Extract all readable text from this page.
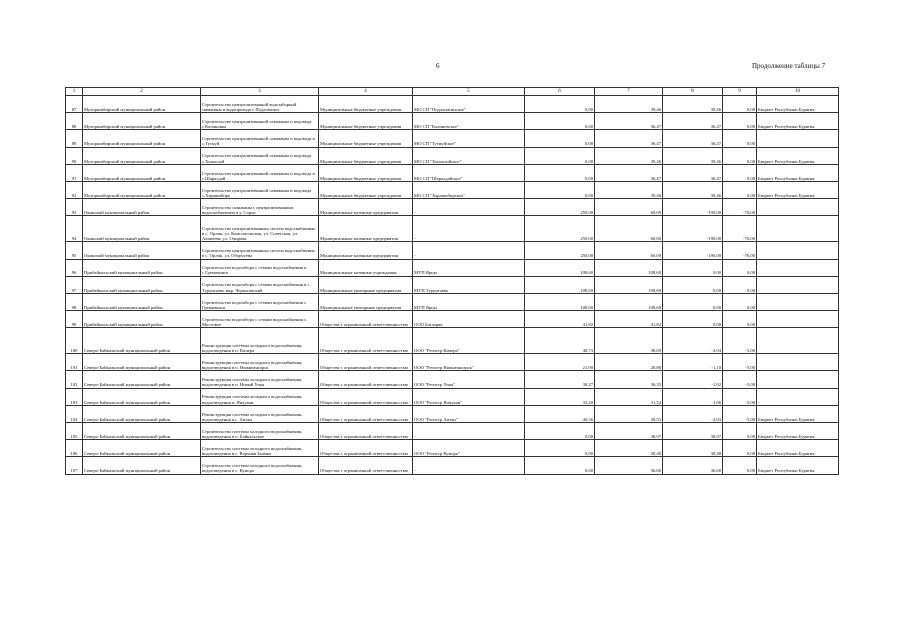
6	Продолжение таблицы 7
1	2	3	4	5	6	7	8	9	10
87	Мухоршибирский муниципальный район	Строительство централизованной водозаборной скважины и водопровода с.Подлопатки	Муниципальные бюджетные учреждения	МО СП "Подлопатинское"	0,00	39,46	39,46	0,00	Бюджет Республики Бурятия
88	Мухоршибирский муниципальный район	Строительство централизованной скважины и водовода с.Калиновка	Муниципальные бюджетные учреждения	МО СП "Калиновское"	0,00	36,47	36,47	0,00	Бюджет Республики Бурятия
89	Мухоршибирский муниципальный район	Строительство централизованной скважины и водовода в с.Тугнуй	Муниципальные бюджетные учреждения	МО СП "Тугнуйское"	0,00	36,47	36,47	0,00	
90	Мухоршибирский муниципальный район	Строительство централизованной скважины и водовода с.Хонхолой	Муниципальные бюджетные учреждения	МО СП "Хонхолойское"	0,00	39,46	39,46	0,00	Бюджет Республики Бурятия
91	Мухоршибирский муниципальный район	Строительство централизованной скважины и водовода в с.Шаралдай	Муниципальные бюджетные учреждения	МО СП "Шаралдайское"	0,00	36,47	36,47	0,00	Бюджет Республики Бурятия
92	Мухоршибирский муниципальный район	Строительство централизованной скважины и водовода с.Харашибирь	Муниципальные бюджетные учреждения	МО СП "Харашибирское"	0,00	39,46	39,46	0,00	Бюджет Республики Бурятия
93	Окинский муниципальный район	Строительство скважины с централизованным водоснабжением в у. Сорок	Муниципальные казенные предприятия	-	250,00	60,00	-190,00	-76,00	
94	Окинский муниципальный район	Строительство централизованных систем водоснабжения в с. Орлик, ул. Комсомольская, ул. Советская, ул. Аюшеева, ул. Очирова.	Муниципальные казенные предприятия	-	250,00	60,00	-190,00	-76,00	
95	Окинский муниципальный район	Строительство централизованных систем водоснабжения в с. Орлик, ул. Оборчуева	Муниципальные казенные предприятия	-	250,00	60,00	-190,00	-76,00	
96	Прибайкальский муниципальный район	Строительство водозабора с сетями водоснабжения в с.Гремячинск	Муниципальные казенные учреждения	МУП Ярцы	108,60	108,60	0,00	0,00	
97	Прибайкальский муниципальный район	Строительство водозабора с сетями водоснабжения в с. Турунтаево мкр. Черкасовский	Муниципальные унитарные предприятия	МУП Турунтаево	108,60	108,60	0,00	0,00	
98	Прибайкальский муниципальный район	Строительство водозабора с сетями водоснабжения с. Гремячинск	Муниципальные унитарные предприятия	МУП Ярцы	108,60	108,60	0,00	0,00	
99	Прибайкальский муниципальный район	Строительство водозабора с сетями водоснабжения с. Мостовое	Общества с ограниченной ответственностью	ООО Батзарик	41,82	41,82	0,00	0,00	
100	Северо-Байкальский муниципальный район	Реконструкция системы холодного водоснабжения, водоотведения в п. Кичера	Общества с ограниченной ответственностью	ООО "Регистр Кичера"	40,73	38,69	-2,04	-5,00	
101	Северо-Байкальский муниципальный район	Реконструкция системы холодного водоснабжения, водоотведения в п. Нижнеангарск	Общества с ограниченной ответственностью	ООО "Регистр Нижнеангарск"	21,90	20,80	-1,10	-5,00	
102	Северо-Байкальский муниципальный район	Реконструкция системы холодного водоснабжения, водоотведения в п. Новый Уоян	Общества с ограниченной ответственностью	ООО "Регистр Уоян"	38,27	36,35	-1,92	-5,00	
103	Северо-Байкальский муниципальный район	Реконструкция системы холодного водоснабжения, водоотведения п. Янчукан	Общества с ограниченной ответственностью	ООО "Регистр Янчукан"	33,20	31,54	-1,66	-5,00	-
104	Северо-Байкальский муниципальный район	Реконструкция системы холодного водоснабжения, водоотведения в с. Аитан	Общества с ограниченной ответственностью	ООО "Регистр Аитан"	40,56	38,53	-2,03	-5,00	Бюджет Республики Бурятия
105	Северо-Байкальский муниципальный район	Строительство системы холодного водоснабжения, водоотведения в п. Байкальское	Общества с ограниченной ответственностью	-	0,00	38,97	38,97	0,00	Бюджет Республики Бурятия
106	Северо-Байкальский муниципальный район	Строительство системы холодного водоснабжения, водоотведения в с. Верхняя Заимка	Общества с ограниченной ответственностью	ООО "Регистр Кумора"	0,00	38,48	38,48	0,00	Бюджет Республики Бурятия
107	Северо-Байкальский муниципальный район	Строительство системы холодного водоснабжения, водоотведения в с. Кумора	Общества с ограниченной ответственностью	-	0,00	36,60	36,60	0,00	Бюджет Республики Бурятия
